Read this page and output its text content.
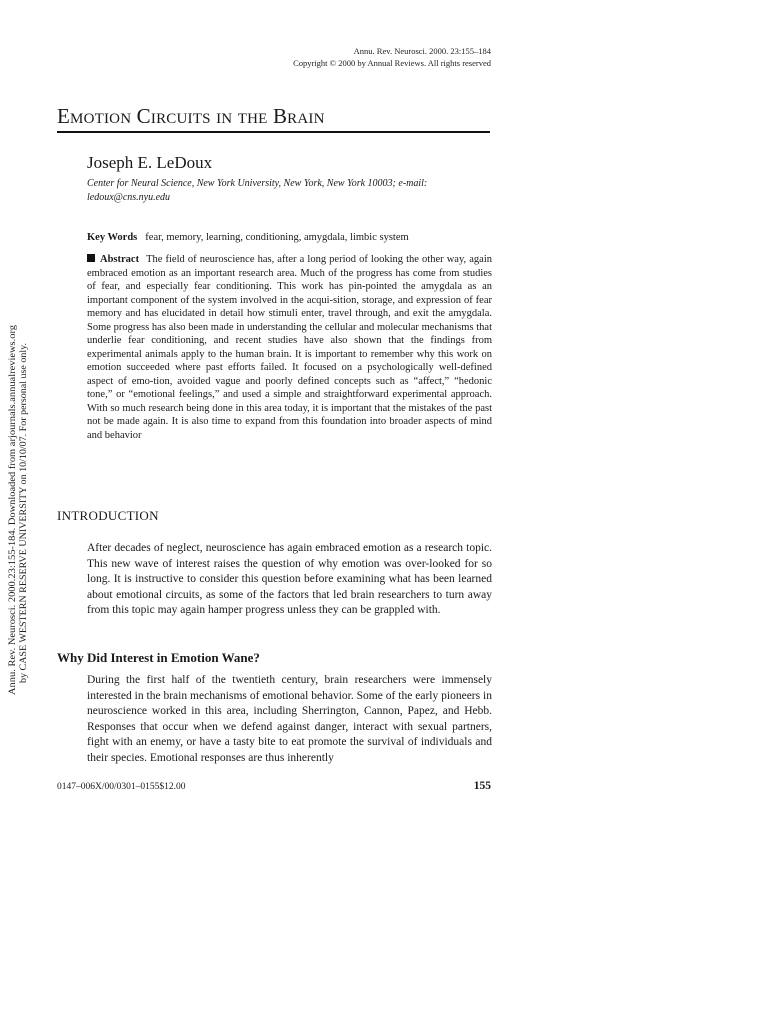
Annu. Rev. Neurosci. 2000. 23:155–184
Copyright © 2000 by Annual Reviews. All rights reserved
Emotion Circuits in the Brain
Joseph E. LeDoux
Center for Neural Science, New York University, New York, New York 10003; e-mail: ledoux@cns.nyu.edu
Key Words fear, memory, learning, conditioning, amygdala, limbic system
Abstract The field of neuroscience has, after a long period of looking the other way, again embraced emotion as an important research area. Much of the progress has come from studies of fear, and especially fear conditioning. This work has pin-pointed the amygdala as an important component of the system involved in the acqui-sition, storage, and expression of fear memory and has elucidated in detail how stimuli enter, travel through, and exit the amygdala. Some progress has also been made in understanding the cellular and molecular mechanisms that underlie fear conditioning, and recent studies have also shown that the findings from experimental animals apply to the human brain. It is important to remember why this work on emotion succeeded where past efforts failed. It focused on a psychologically well-defined aspect of emo-tion, avoided vague and poorly defined concepts such as “affect,” “hedonic tone,” or “emotional feelings,” and used a simple and straightforward experimental approach. With so much research being done in this area today, it is important that the mistakes of the past not be made again. It is also time to expand from this foundation into broader aspects of mind and behavior
INTRODUCTION
After decades of neglect, neuroscience has again embraced emotion as a research topic. This new wave of interest raises the question of why emotion was over-looked for so long. It is instructive to consider this question before examining what has been learned about emotional circuits, as some of the factors that led brain researchers to turn away from this topic may again hamper progress unless they can be grappled with.
Why Did Interest in Emotion Wane?
During the first half of the twentieth century, brain researchers were immensely interested in the brain mechanisms of emotional behavior. Some of the early pioneers in neuroscience worked in this area, including Sherrington, Cannon, Papez, and Hebb. Responses that occur when we defend against danger, interact with sexual partners, fight with an enemy, or have a tasty bite to eat promote the survival of individuals and their species. Emotional responses are thus inherently
0147–006X/00/0301–0155$12.00	155
Annu. Rev. Neurosci. 2000.23:155-184. Downloaded from arjournals.annualreviews.org by CASE WESTERN RESERVE UNIVERSITY on 10/10/07. For personal use only.
